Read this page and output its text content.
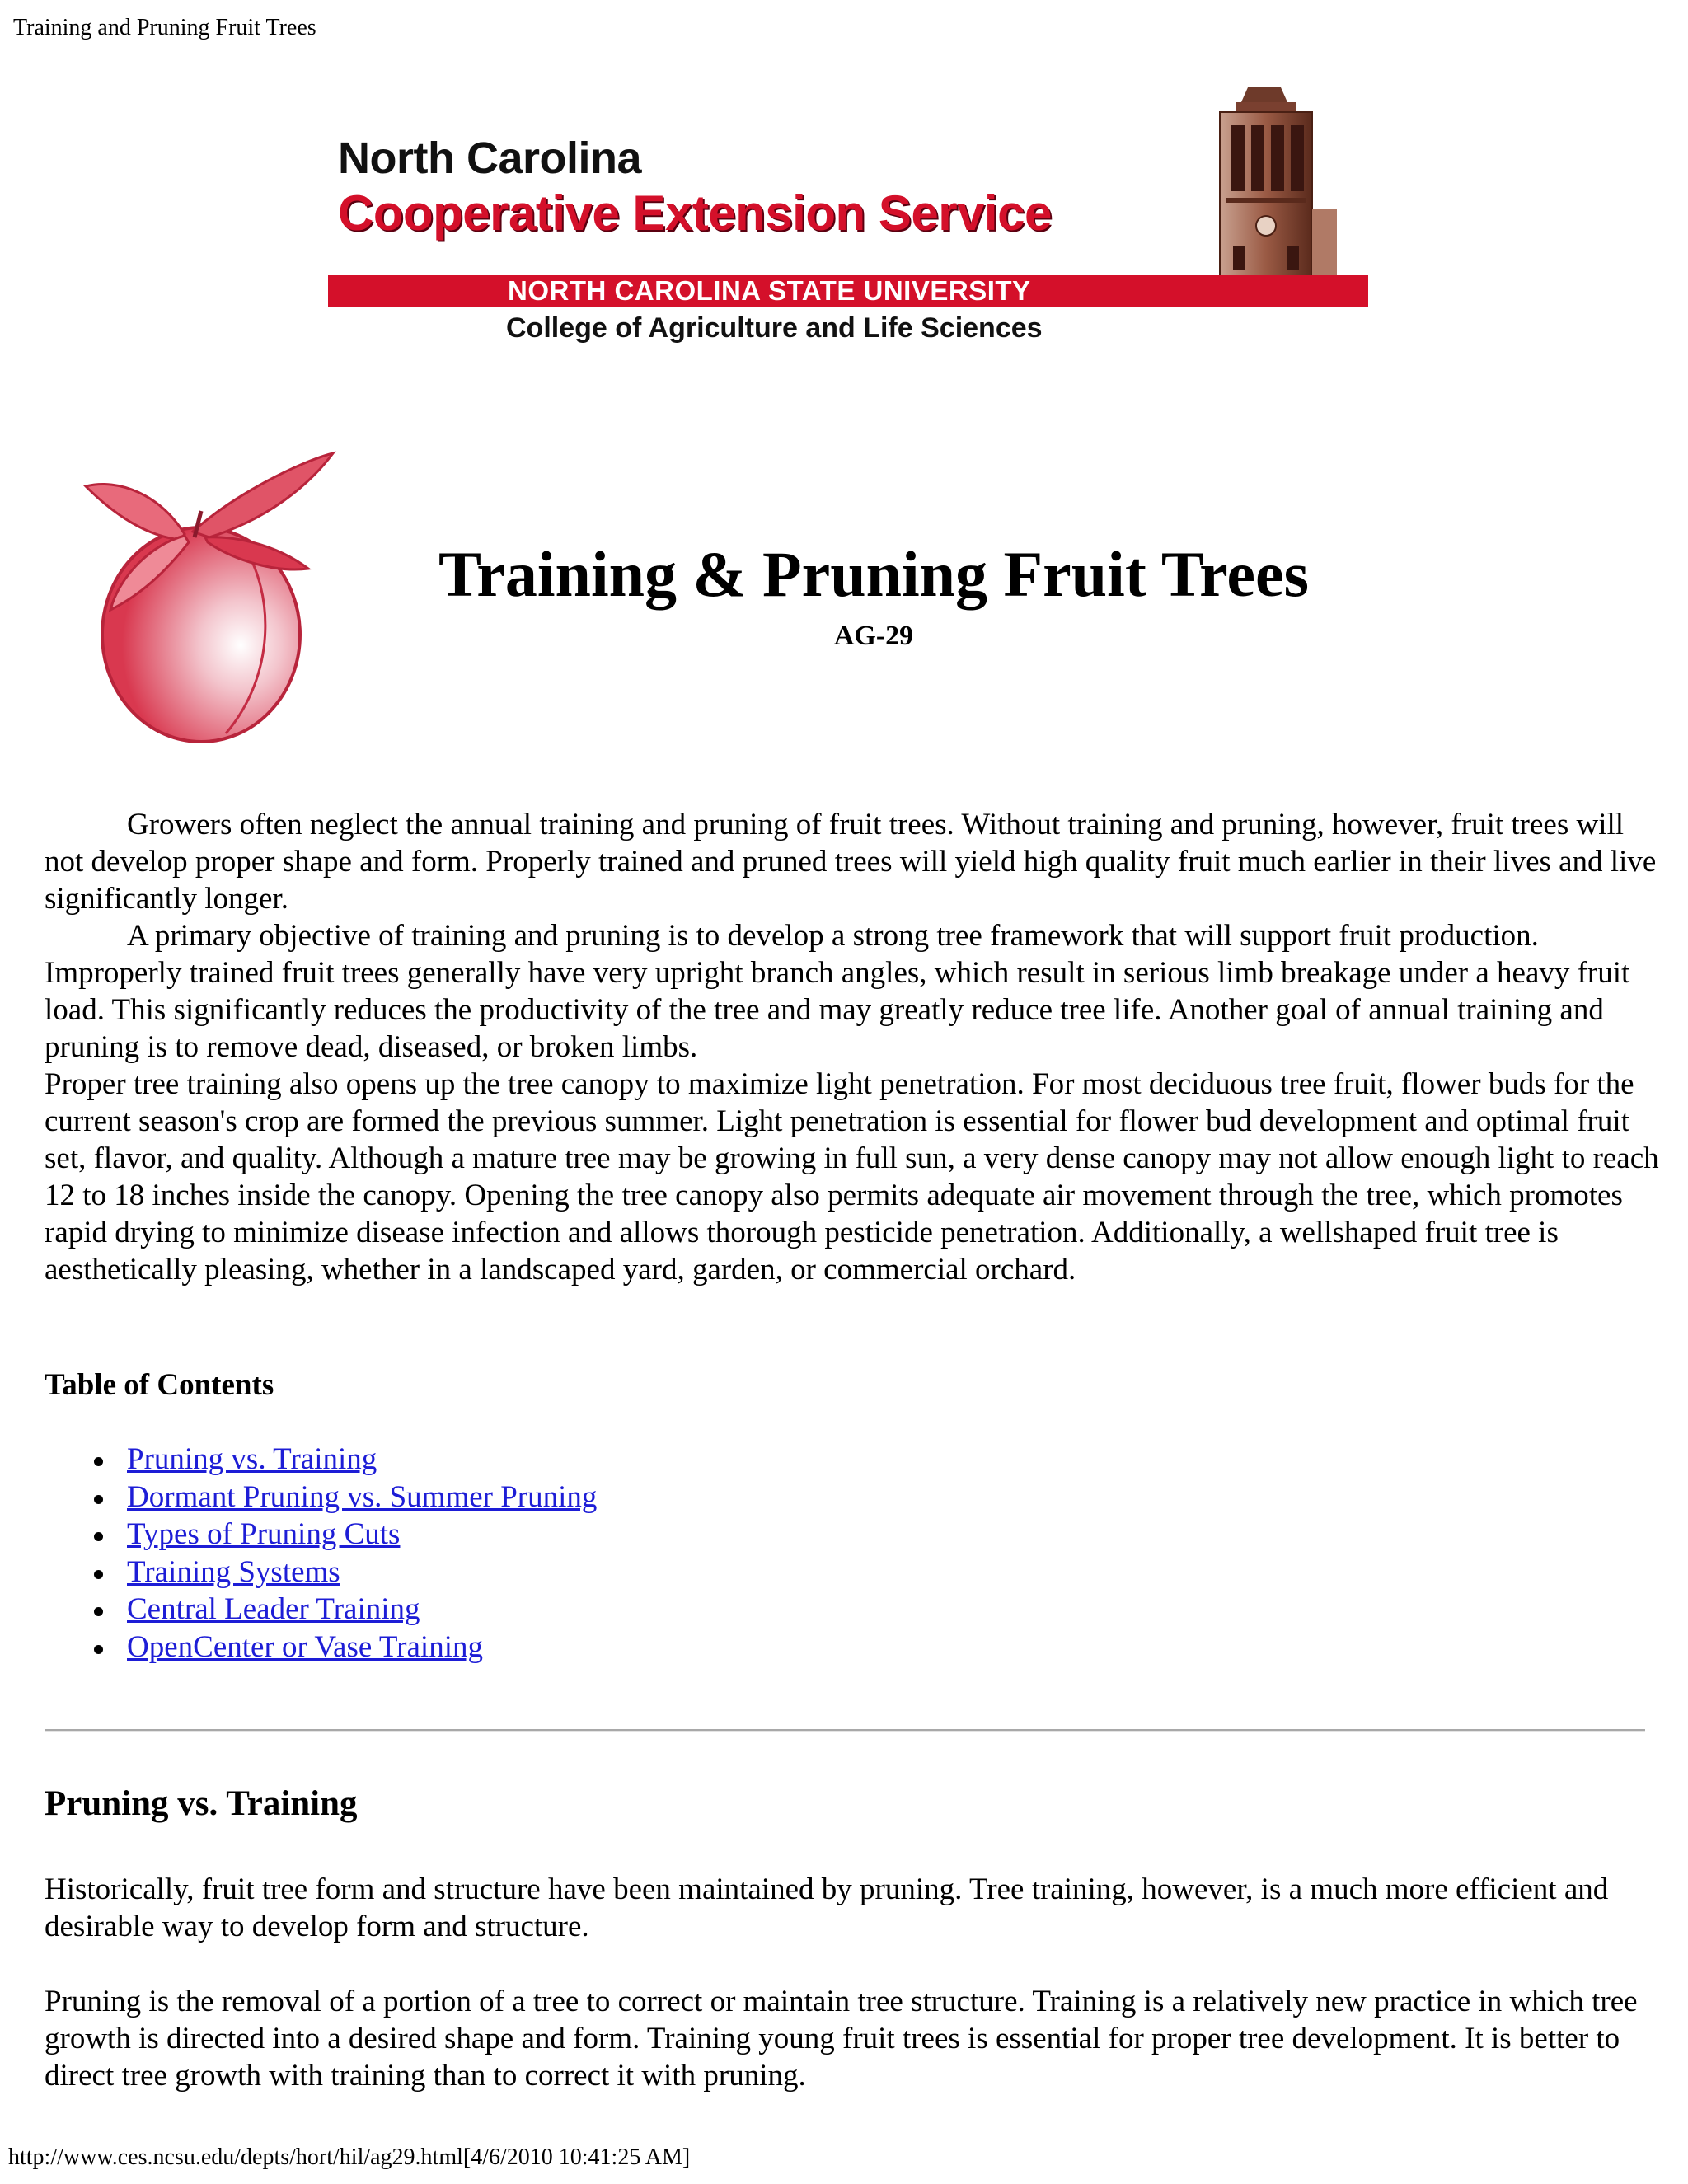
Training and Pruning Fruit Trees
North Carolina
Cooperative Extension Service
NORTH CAROLINA STATE UNIVERSITY
College of Agriculture and Life Sciences
Training & Pruning Fruit Trees
AG-29

Growers often neglect the annual training and pruning of fruit trees. Without training and pruning, however, fruit trees will not develop proper shape and form. Properly trained and pruned trees will yield high quality fruit much earlier in their lives and live significantly longer.

A primary objective of training and pruning is to develop a strong tree framework that will support fruit production. Improperly trained fruit trees generally have very upright branch angles, which result in serious limb breakage under a heavy fruit load. This significantly reduces the productivity of the tree and may greatly reduce tree life. Another goal of annual training and pruning is to remove dead, diseased, or broken limbs.

Proper tree training also opens up the tree canopy to maximize light penetration. For most deciduous tree fruit, flower buds for the current season's crop are formed the previous summer. Light penetration is essential for flower bud development and optimal fruit set, flavor, and quality. Although a mature tree may be growing in full sun, a very dense canopy may not allow enough light to reach 12 to 18 inches inside the canopy. Opening the tree canopy also permits adequate air movement through the tree, which promotes rapid drying to minimize disease infection and allows thorough pesticide penetration. Additionally, a wellshaped fruit tree is aesthetically pleasing, whether in a landscaped yard, garden, or commercial orchard.

Table of Contents
Pruning vs. Training
Dormant Pruning vs. Summer Pruning
Types of Pruning Cuts
Training Systems
Central Leader Training
OpenCenter or Vase Training
Pruning vs. Training

Historically, fruit tree form and structure have been maintained by pruning. Tree training, however, is a much more efficient and desirable way to develop form and structure.

Pruning is the removal of a portion of a tree to correct or maintain tree structure. Training is a relatively new practice in which tree growth is directed into a desired shape and form. Training young fruit trees is essential for proper tree development. It is better to direct tree growth with training than to correct it with pruning.

http://www.ces.ncsu.edu/depts/hort/hil/ag29.html[4/6/2010 10:41:25 AM]
